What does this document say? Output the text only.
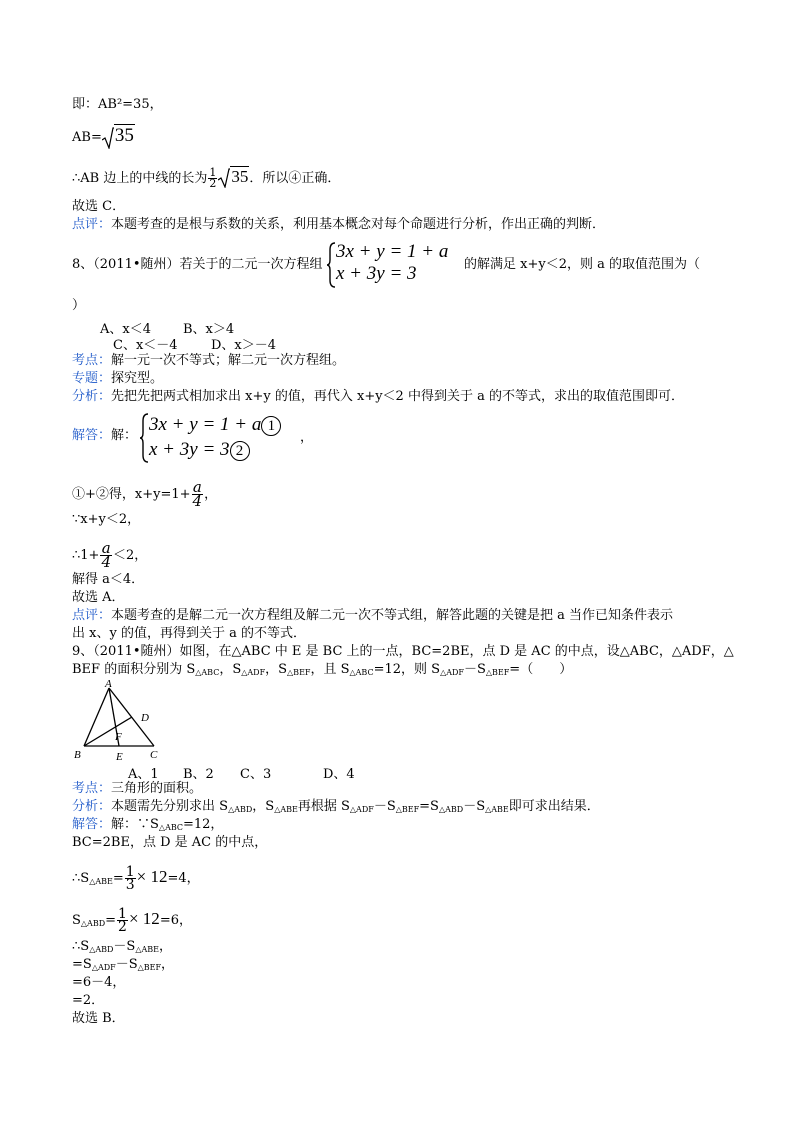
即：AB²=35，
AB= 35
∴AB 边上的中线的长为 $\frac{1}{2} 35$．所以④正确．
故选 C．
点评：本题考查的是根与系数的关系，利用基本概念对每个命题进行分析，作出正确的判断．
8、（2011•随州）若关于的二元一次方程组
3x + y = 1 + a
x + 3y = 3	的解满足 x+y＜2，则 a 的取值范围为（
）
A、x＜4 B、x＞4
C、x＜－4	D、x＞－4
考点：解一元一次不等式；解二元一次方程组。
专题：探究型。
分析：先把先把两式相加求出 x+y 的值，再代入 x+y＜2 中得到关于 a 的不等式，求出的取值范围即可．
解答：解：
3x + y = 1 + a 1
x + 3y = 3 2
，
①+②得，$x+y=1+ \frac{a}{4}$ ，
∵x+y＜2，
∴1+ $\frac{a}{4} <2$，
解得 a＜4．
故选 A．
点评：本题考查的是解二元一次方程组及解二元一次不等式组，解答此题的关键是把 a 当作已知条件表示
出 x、y 的值，再得到关于 a 的不等式．
9、（2011•随州）如图，在△ABC 中 E 是 BC 上的一点，BC=2BE，点 D 是 AC 的中点，设△ABC，△ADF，△
BEF 的面积分别为 $S_{\triangle ABC}$，$S_{\triangle ADF}$，$S_{\triangle BEF}$，且 $S_{\triangle ABC}=12$，则 $S_{\triangle ADF}-S_{\triangle BEF}=$（　　）
A
B	C
D
E
F
A、1 B、2 C、3	D、4
考点：三角形的面积。
分析：本题需先分别求出 $S_{\triangle ABD}$，$S_{\triangle ABE}$再根据 $S_{\triangle ADF}-S_{\triangle BEF}=S_{\triangle ABD}-S_{\triangle ABE}$即可求出结果．
解答：解：$\because S_{\triangle ABC}=12$，
BC=2BE，点 D 是 AC 的中点，
$\therefore S_{\triangle ABE}= \frac{1}{3} \times 12=4$，
$S_{\triangle ABD}= \frac{1}{2} \times 12=6$，
$\therefore S_{\triangle ABD}-S_{\triangle ABE}$，
$=S_{\triangle ADF}-S_{\triangle BEF}$，
=6－4，
=2．
故选 B．
